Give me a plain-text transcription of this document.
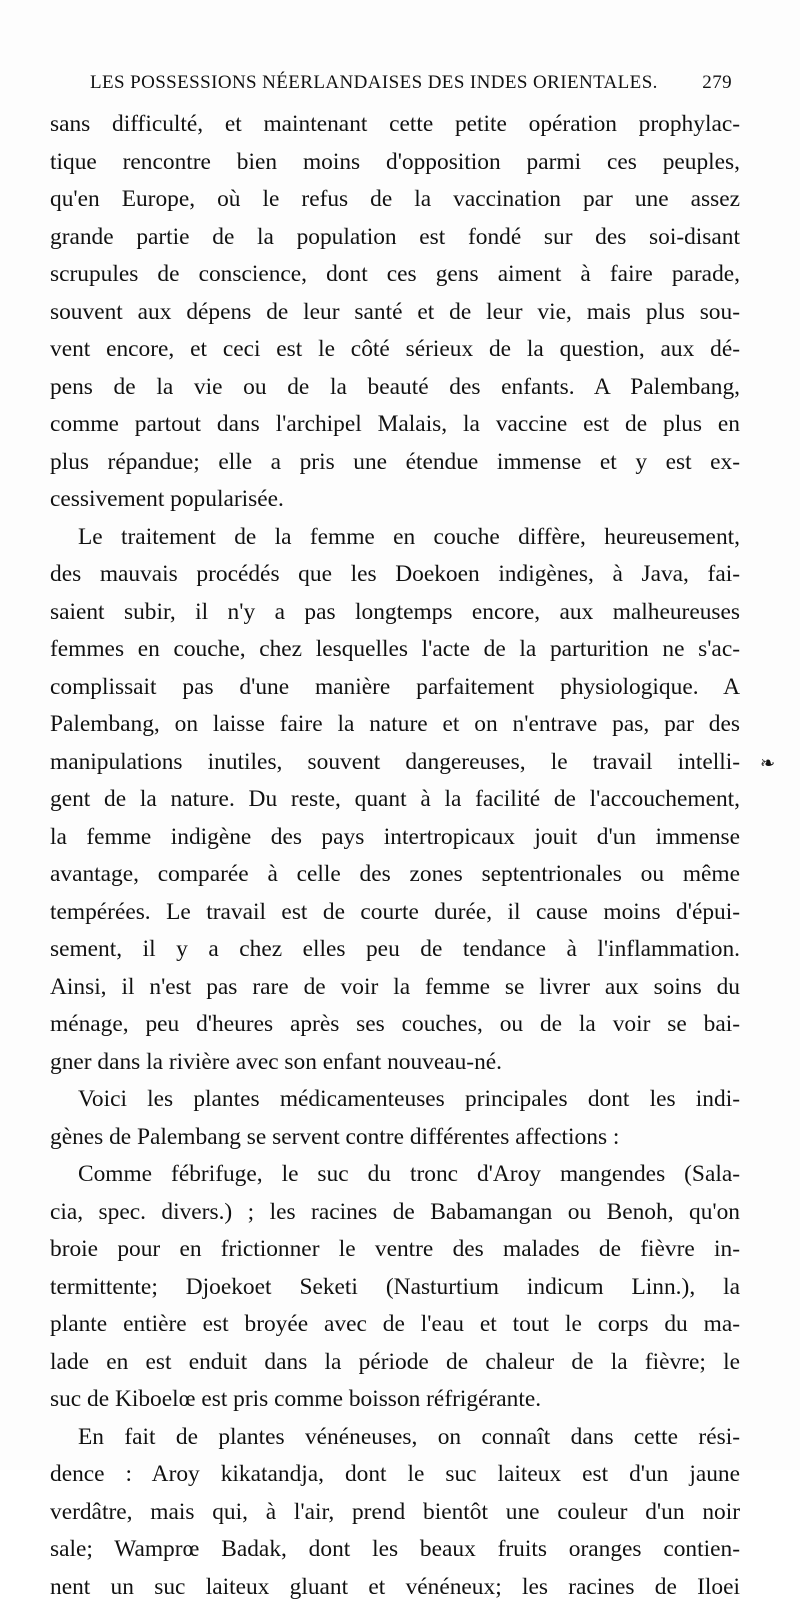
LES POSSESSIONS NÉERLANDAISES DES INDES ORIENTALES. 279
sans difficulté, et maintenant cette petite opération prophylac-
tique rencontre bien moins d'opposition parmi ces peuples,
qu'en Europe, où le refus de la vaccination par une assez
grande partie de la population est fondé sur des soi-disant
scrupules de conscience, dont ces gens aiment à faire parade,
souvent aux dépens de leur santé et de leur vie, mais plus sou-
vent encore, et ceci est le côté sérieux de la question, aux dé-
pens de la vie ou de la beauté des enfants. A Palembang,
comme partout dans l'archipel Malais, la vaccine est de plus en
plus répandue; elle a pris une étendue immense et y est ex-
cessivement popularisée.
Le traitement de la femme en couche diffère, heureusement,
des mauvais procédés que les Doekoen indigènes, à Java, fai-
saient subir, il n'y a pas longtemps encore, aux malheureuses
femmes en couche, chez lesquelles l'acte de la parturition ne s'ac-
complissait pas d'une manière parfaitement physiologique. A
Palembang, on laisse faire la nature et on n'entrave pas, par des
manipulations inutiles, souvent dangereuses, le travail intelli-
gent de la nature. Du reste, quant à la facilité de l'accouchement,
la femme indigène des pays intertropicaux jouit d'un immense
avantage, comparée à celle des zones septentrionales ou même
tempérées. Le travail est de courte durée, il cause moins d'épui-
sement, il y a chez elles peu de tendance à l'inflammation.
Ainsi, il n'est pas rare de voir la femme se livrer aux soins du
ménage, peu d'heures après ses couches, ou de la voir se bai-
gner dans la rivière avec son enfant nouveau-né.
Voici les plantes médicamenteuses principales dont les indi-
gènes de Palembang se servent contre différentes affections :
Comme fébrifuge, le suc du tronc d'Aroy mangendes (Sala-
cia, spec. divers.) ; les racines de Babamangan ou Benoh, qu'on
broie pour en frictionner le ventre des malades de fièvre in-
termittente; Djoekoet Seketi (Nasturtium indicum Linn.), la
plante entière est broyée avec de l'eau et tout le corps du ma-
lade en est enduit dans la période de chaleur de la fièvre; le
suc de Kiboelœ est pris comme boisson réfrigérante.
En fait de plantes vénéneuses, on connaît dans cette rési-
dence : Aroy kikatandja, dont le suc laiteux est d'un jaune
verdâtre, mais qui, à l'air, prend bientôt une couleur d'un noir
sale; Wamprœ Badak, dont les beaux fruits oranges contien-
nent un suc laiteux gluant et vénéneux; les racines de Iloei
❧
